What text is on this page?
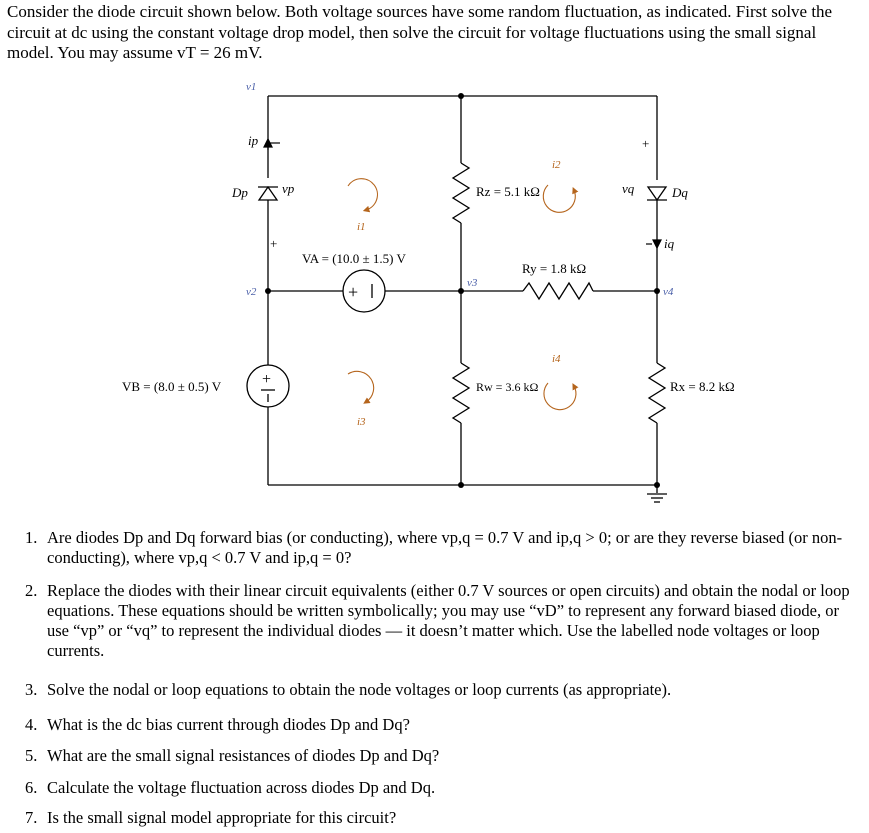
Consider the diode circuit shown below. Both voltage sources have some random fluctuation, as indicated. First solve the circuit at dc using the constant voltage drop model, then solve the circuit for voltage fluctuations using the small signal model. You may assume vT = 26 mV.

+
+
v1
v2
v3
v4
ip
iq
Dp	Dq
vp	vq
+
+
i1
i2
i3
i4
Rz = 5.1 kΩ
Ry = 1.8 kΩ
Rw = 3.6 kΩ	Rx = 8.2 kΩ
VA = (10.0 ± 1.5) V
VB = (8.0 ± 0.5) V
1. Are diodes Dp and Dq forward bias (or conducting), where vp,q = 0.7 V and ip,q > 0; or are they reverse biased (or non-conducting), where vp,q < 0.7 V and ip,q = 0?
2. Replace the diodes with their linear circuit equivalents (either 0.7 V sources or open circuits) and obtain the nodal or loop equations. These equations should be written symbolically; you may use “vD” to represent any forward biased diode, or use “vp” or “vq” to represent the individual diodes — it doesn’t matter which. Use the labelled node voltages or loop currents.
3. Solve the nodal or loop equations to obtain the node voltages or loop currents (as appropriate).
4. What is the dc bias current through diodes Dp and Dq?
5. What are the small signal resistances of diodes Dp and Dq?
6. Calculate the voltage fluctuation across diodes Dp and Dq.
7. Is the small signal model appropriate for this circuit?
